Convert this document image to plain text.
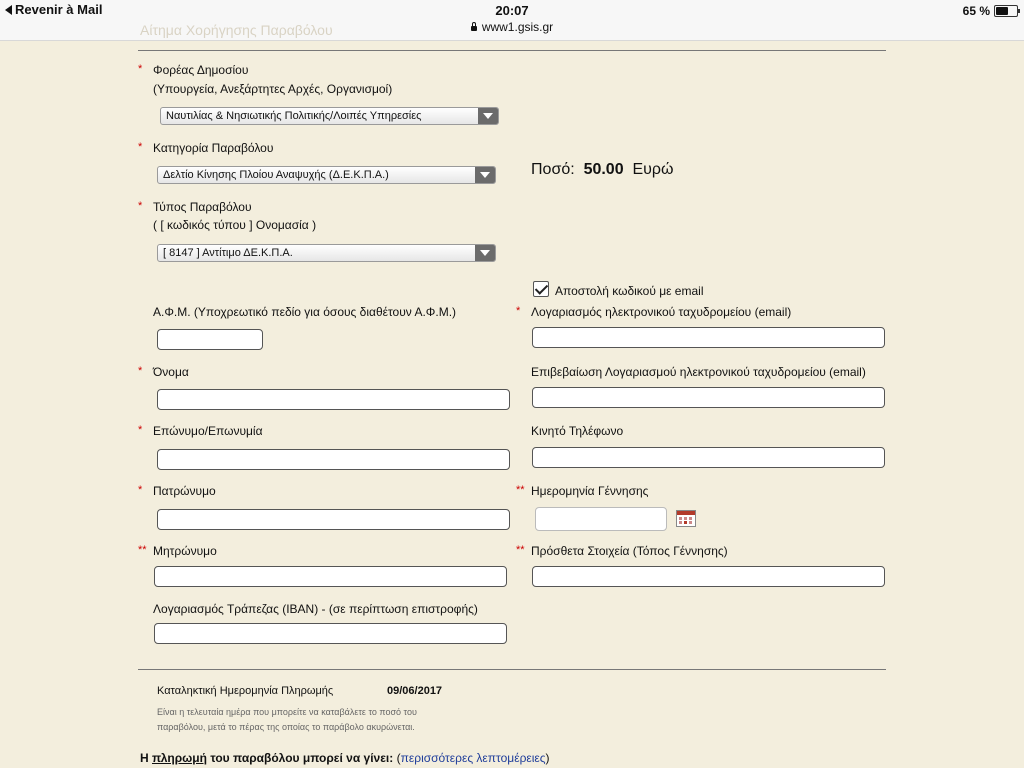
Revenir à Mail	20:07
www1.gsis.gr
65 %
Αίτημα Χορήγησης Παραβόλου
* Φορέας Δημοσίου
(Υπουργεία, Ανεξάρτητες Αρχές, Οργανισμοί)
Ναυτιλίας & Νησιωτικής Πολιτικής/Λοιπές Υπηρεσίες
* Κατηγορία Παραβόλου
Δελτίο Κίνησης Πλοίου Αναψυχής (Δ.Ε.Κ.Π.Α.)	Ποσό: 50.00 Ευρώ
* Τύπος Παραβόλου
( [ κωδικός τύπου ] Ονομασία )
[ 8147 ] Αντίτιμο ΔΕ.Κ.Π.Α.
Αποστολή κωδικού με email
Α.Φ.Μ. (Υποχρεωτικό πεδίο για όσους διαθέτουν Α.Φ.Μ.)	* Λογαριασμός ηλεκτρονικού ταχυδρομείου (email)
* Όνομα	Επιβεβαίωση Λογαριασμού ηλεκτρονικού ταχυδρομείου (email)
* Επώνυμο/Επωνυμία	Κινητό Τηλέφωνο
* Πατρώνυμο	** Ημερομηνία Γέννησης
** Μητρώνυμο	** Πρόσθετα Στοιχεία (Τόπος Γέννησης)
Λογαριασμός Τράπεζας (IBAN) - (σε περίπτωση επιστροφής)
Καταληκτική Ημερομηνία Πληρωμής	09/06/2017
Είναι η τελευταία ημέρα που μπορείτε να καταβάλετε το ποσό του
παραβόλου, μετά το πέρας της οποίας το παράβολο ακυρώνεται.
Η πληρωμή του παραβόλου μπορεί να γίνει: (περισσότερες λεπτομέρειες)
